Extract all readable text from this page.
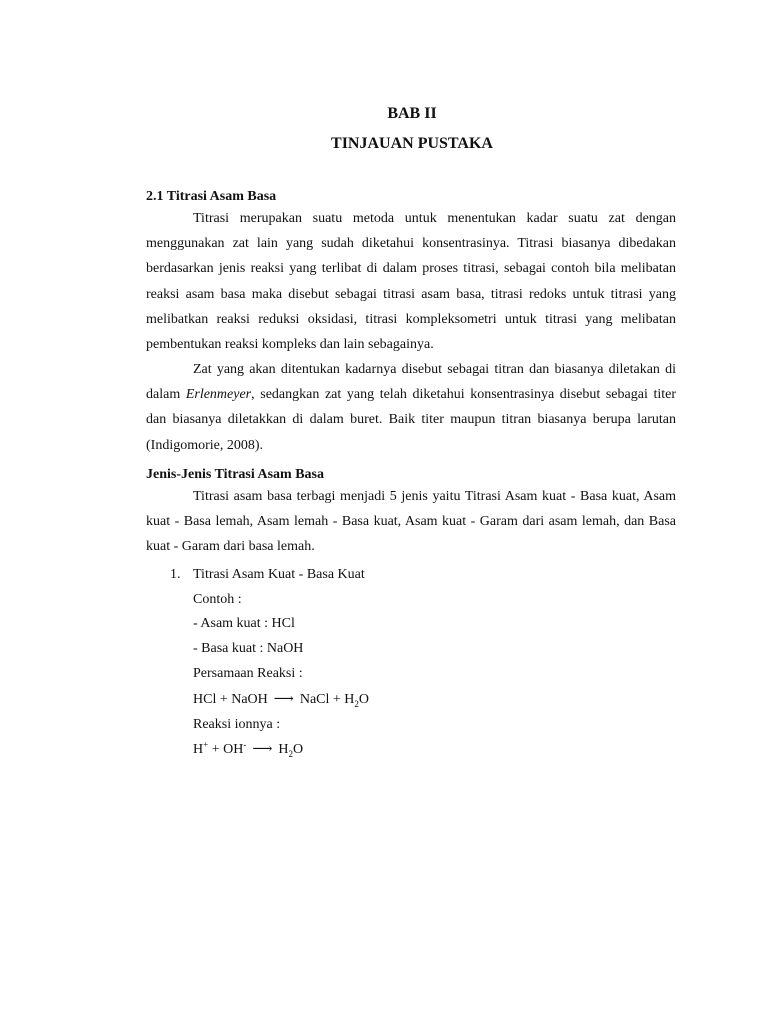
BAB II
TINJAUAN PUSTAKA
2.1 Titrasi Asam Basa

Titrasi merupakan suatu metoda untuk menentukan kadar suatu zat dengan menggunakan zat lain yang sudah diketahui konsentrasinya. Titrasi biasanya dibedakan berdasarkan jenis reaksi yang terlibat di dalam proses titrasi, sebagai contoh bila melibatan reaksi asam basa maka disebut sebagai titrasi asam basa, titrasi redoks untuk titrasi yang melibatkan reaksi reduksi oksidasi, titrasi kompleksometri untuk titrasi yang melibatan pembentukan reaksi kompleks dan lain sebagainya.

Zat yang akan ditentukan kadarnya disebut sebagai titran dan biasanya diletakan di dalam Erlenmeyer, sedangkan zat yang telah diketahui konsentrasinya disebut sebagai titer dan biasanya diletakkan di dalam buret. Baik titer maupun titran biasanya berupa larutan (Indigomorie, 2008).

Jenis-Jenis Titrasi Asam Basa

Titrasi asam basa terbagi menjadi 5 jenis yaitu Titrasi Asam kuat - Basa kuat, Asam kuat - Basa lemah, Asam lemah - Basa kuat, Asam kuat - Garam dari asam lemah, dan Basa kuat - Garam dari basa lemah.

1. Titrasi Asam Kuat - Basa Kuat
Contoh :
- Asam kuat : HCl
- Basa kuat : NaOH
Persamaan Reaksi :
HCl + NaOH ⟶ NaCl + $H_2O$
Reaksi ionnya :
H+ + OH- ⟶ $H_2O$
